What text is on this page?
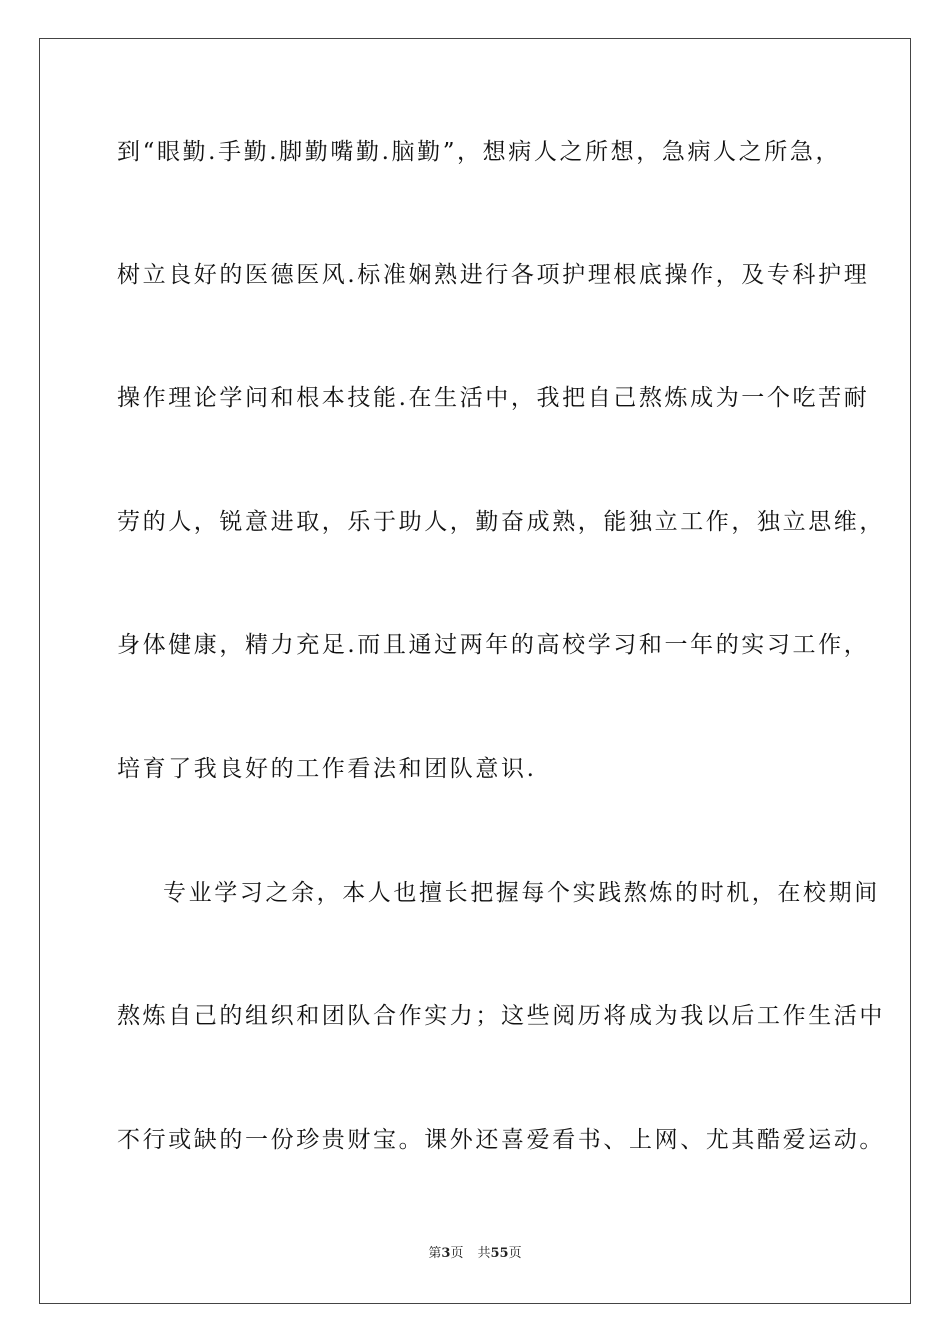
到“眼勤.手勤.脚勤嘴勤.脑勤”，想病人之所想，急病人之所急，
树立良好的医德医风.标准娴熟进行各项护理根底操作，及专科护理
操作理论学问和根本技能.在生活中，我把自己熬炼成为一个吃苦耐
劳的人，锐意进取，乐于助人，勤奋成熟，能独立工作，独立思维，
身体健康，精力充足.而且通过两年的高校学习和一年的实习工作，
培育了我良好的工作看法和团队意识.
专业学习之余，本人也擅长把握每个实践熬炼的时机，在校期间
熬炼自己的组织和团队合作实力；这些阅历将成为我以后工作生活中
不行或缺的一份珍贵财宝。课外还喜爱看书、上网、尤其酷爱运动。
第3页 共55页
